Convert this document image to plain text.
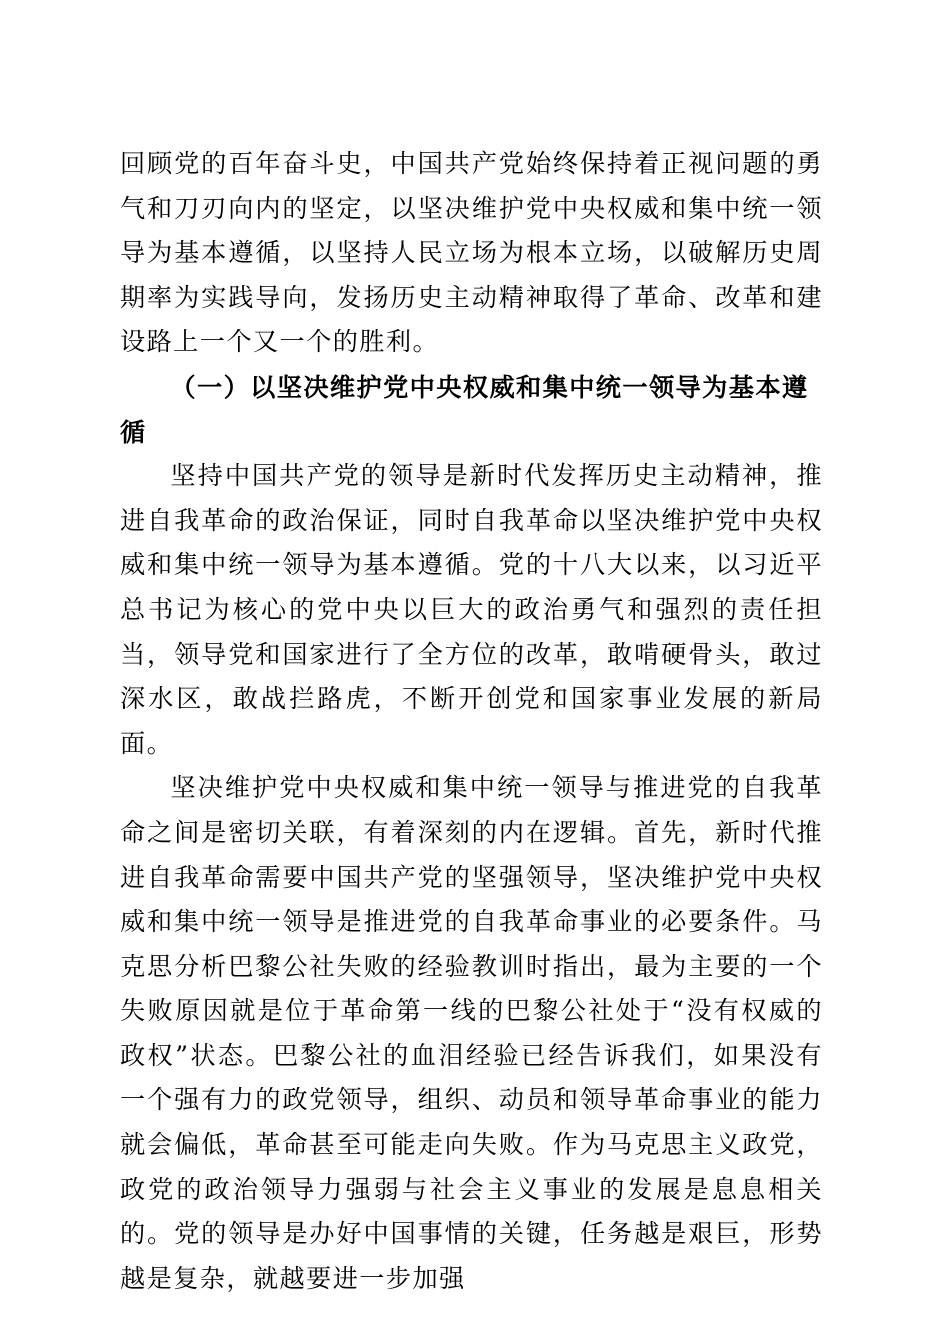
回顾党的百年奋斗史，中国共产党始终保持着正视问题的勇气和刀刃向内的坚定，以坚决维护党中央权威和集中统一领导为基本遵循，以坚持人民立场为根本立场，以破解历史周期率为实践导向，发扬历史主动精神取得了革命、改革和建设路上一个又一个的胜利。

（一）以坚决维护党中央权威和集中统一领导为基本遵循

坚持中国共产党的领导是新时代发挥历史主动精神，推进自我革命的政治保证，同时自我革命以坚决维护党中央权威和集中统一领导为基本遵循。党的十八大以来，以习近平总书记为核心的党中央以巨大的政治勇气和强烈的责任担当，领导党和国家进行了全方位的改革，敢啃硬骨头，敢过深水区，敢战拦路虎，不断开创党和国家事业发展的新局面。

坚决维护党中央权威和集中统一领导与推进党的自我革命之间是密切关联，有着深刻的内在逻辑。首先，新时代推进自我革命需要中国共产党的坚强领导，坚决维护党中央权威和集中统一领导是推进党的自我革命事业的必要条件。马克思分析巴黎公社失败的经验教训时指出，最为主要的一个失败原因就是位于革命第一线的巴黎公社处于“没有权威的政权”状态。巴黎公社的血泪经验已经告诉我们，如果没有一个强有力的政党领导，组织、动员和领导革命事业的能力就会偏低，革命甚至可能走向失败。作为马克思主义政党，政党的政治领导力强弱与社会主义事业的发展是息息相关的。党的领导是办好中国事情的关键，任务越是艰巨，形势越是复杂，就越要进一步加强
